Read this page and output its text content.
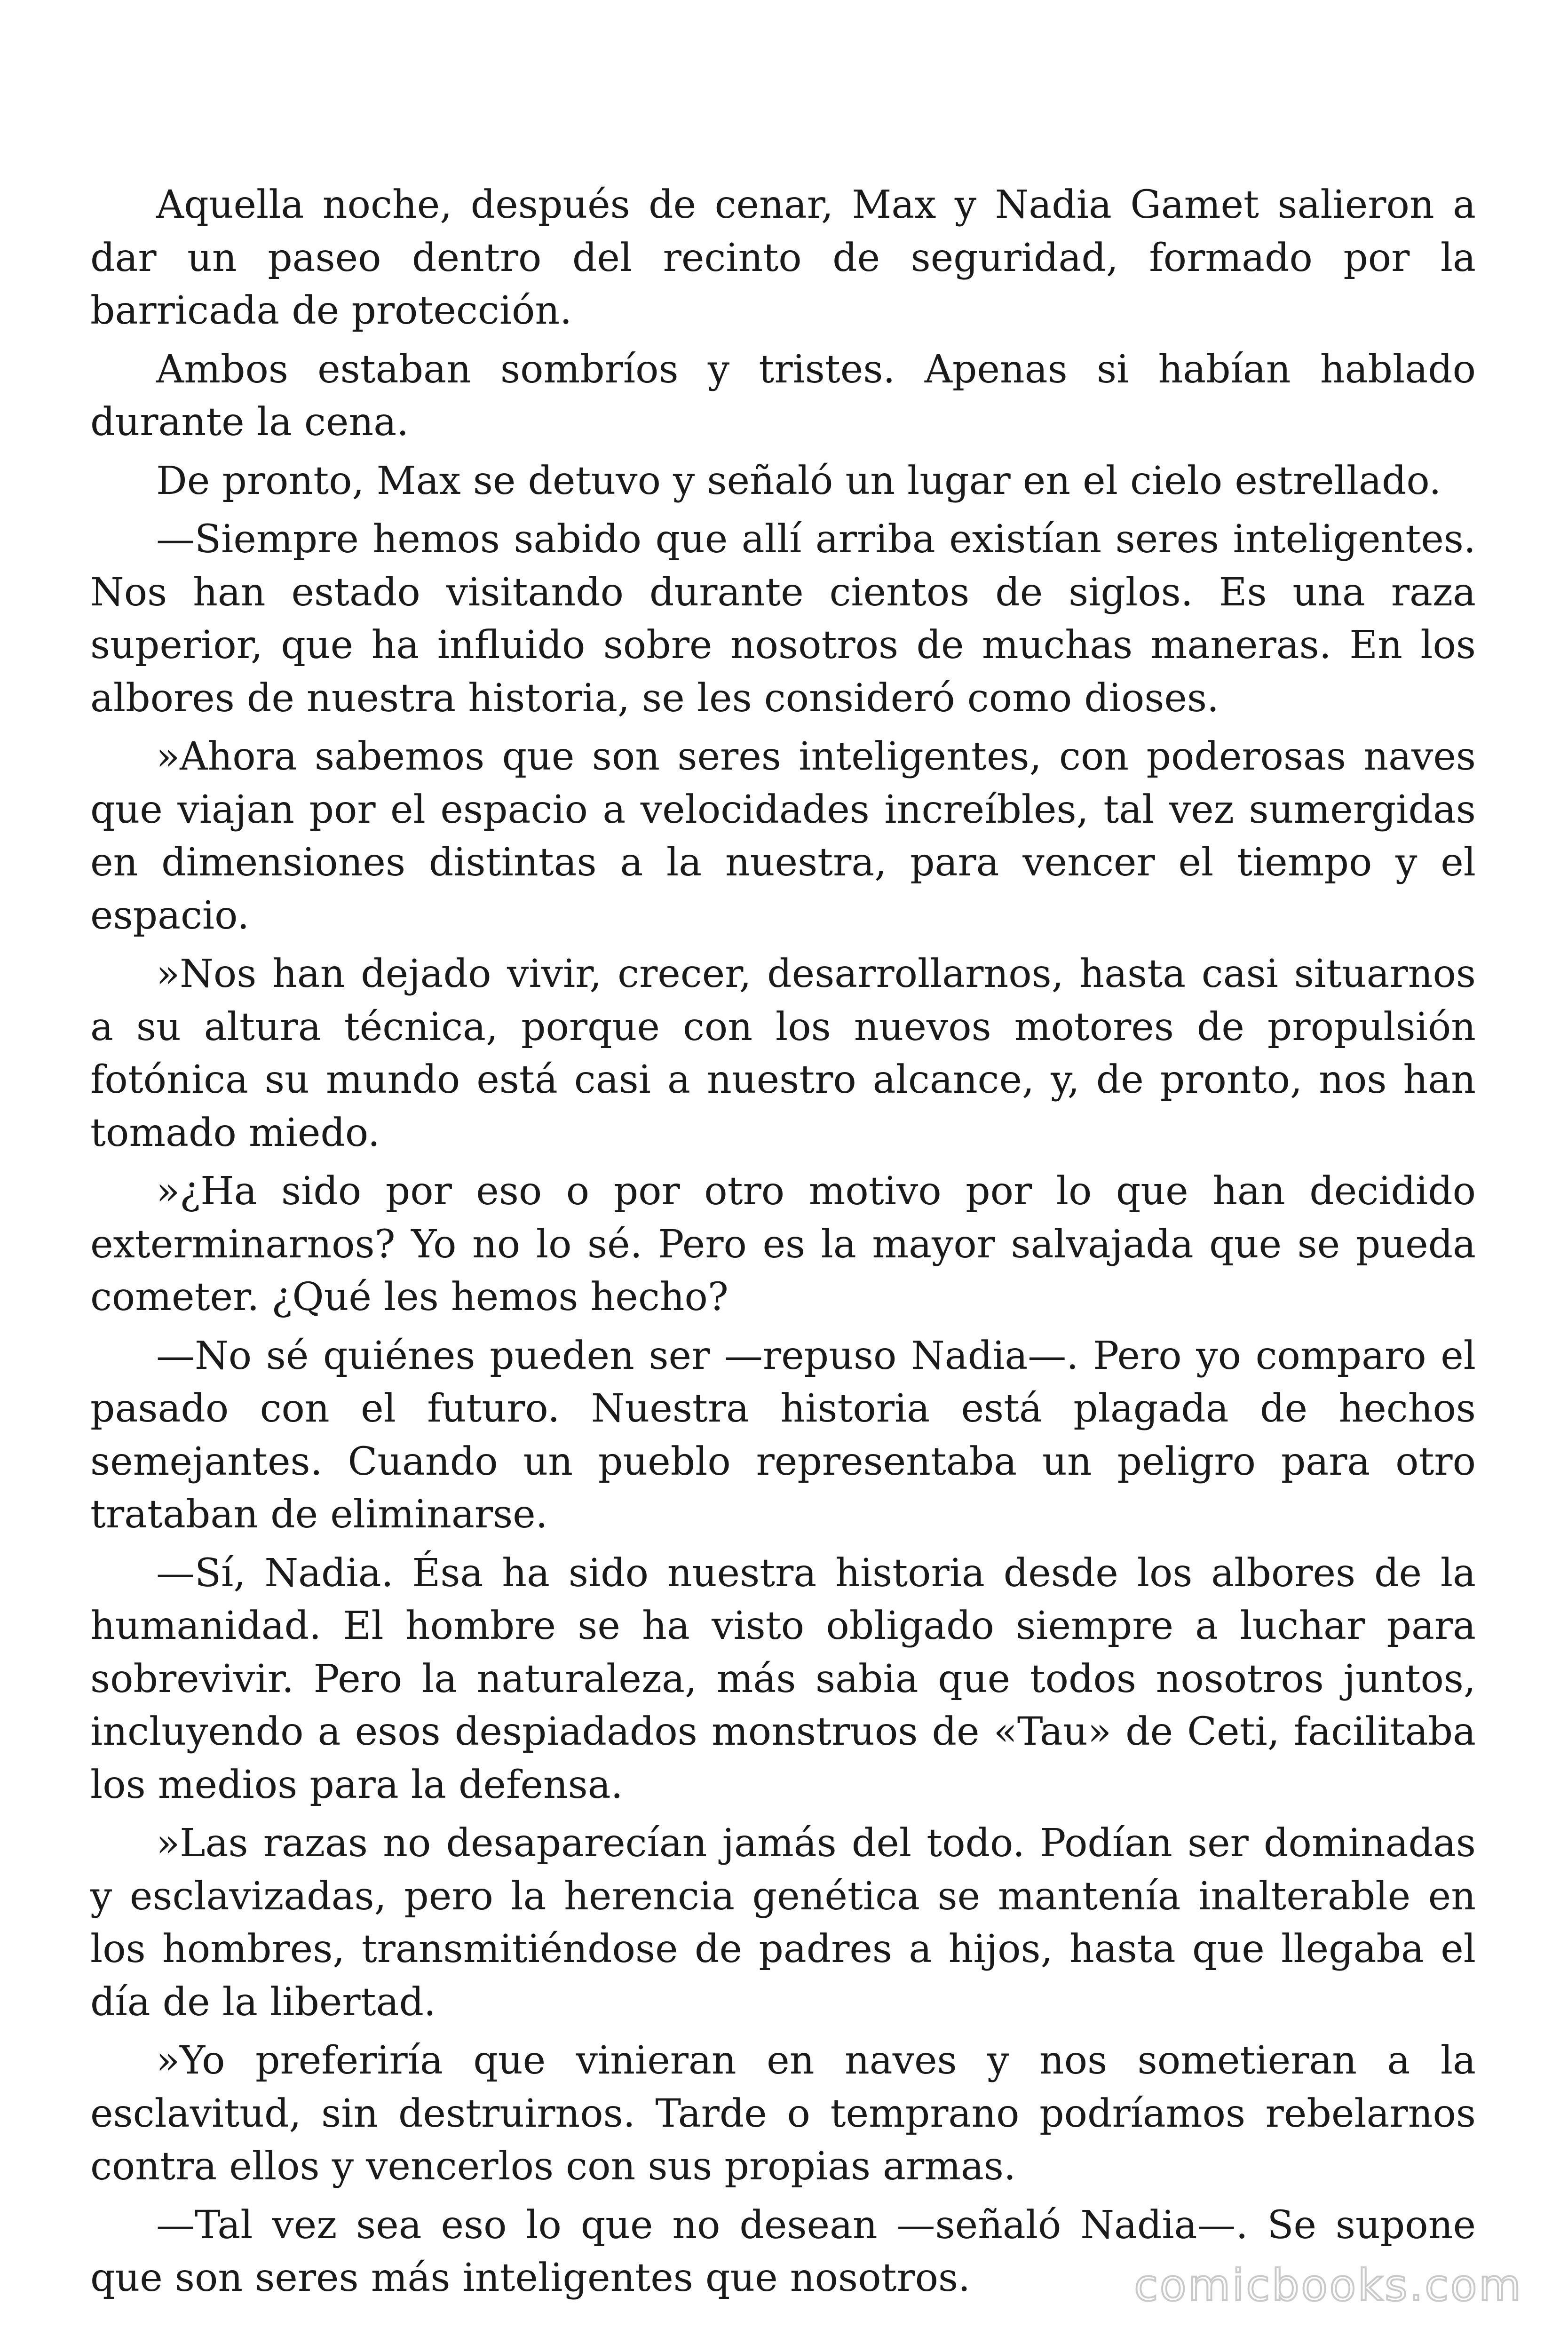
Aquella noche, después de cenar, Max y Nadia Gamet salieron a dar un paseo dentro del recinto de seguridad, formado por la barricada de protección.

Ambos estaban sombríos y tristes. Apenas si habían hablado durante la cena.

De pronto, Max se detuvo y señaló un lugar en el cielo estrellado.

—Siempre hemos sabido que allí arriba existían seres inteligentes. Nos han estado visitando durante cientos de siglos. Es una raza superior, que ha influido sobre nosotros de muchas maneras. En los albores de nuestra historia, se les consideró como dioses.

»Ahora sabemos que son seres inteligentes, con poderosas naves que viajan por el espacio a velocidades increíbles, tal vez sumergidas en dimensiones distintas a la nuestra, para vencer el tiempo y el espacio.

»Nos han dejado vivir, crecer, desarrollarnos, hasta casi situarnos a su altura técnica, porque con los nuevos motores de propulsión fotónica su mundo está casi a nuestro alcance, y, de pronto, nos han tomado miedo.

»¿Ha sido por eso o por otro motivo por lo que han decidido exterminarnos? Yo no lo sé. Pero es la mayor salvajada que se pueda cometer. ¿Qué les hemos hecho?

—No sé quiénes pueden ser —repuso Nadia—. Pero yo comparo el pasado con el futuro. Nuestra historia está plagada de hechos semejantes. Cuando un pueblo representaba un peligro para otro trataban de eliminarse.

—Sí, Nadia. Ésa ha sido nuestra historia desde los albores de la humanidad. El hombre se ha visto obligado siempre a luchar para sobrevivir. Pero la naturaleza, más sabia que todos nosotros juntos, incluyendo a esos despiadados monstruos de «Tau» de Ceti, facilitaba los medios para la defensa.

»Las razas no desaparecían jamás del todo. Podían ser dominadas y esclavizadas, pero la herencia genética se mantenía inalterable en los hombres, transmitiéndose de padres a hijos, hasta que llegaba el día de la libertad.

»Yo preferiría que vinieran en naves y nos sometieran a la esclavitud, sin destruirnos. Tarde o temprano podríamos rebelarnos contra ellos y vencerlos con sus propias armas.

—Tal vez sea eso lo que no desean —señaló Nadia—. Se supone que son seres más inteligentes que nosotros.	comicbooks.com
